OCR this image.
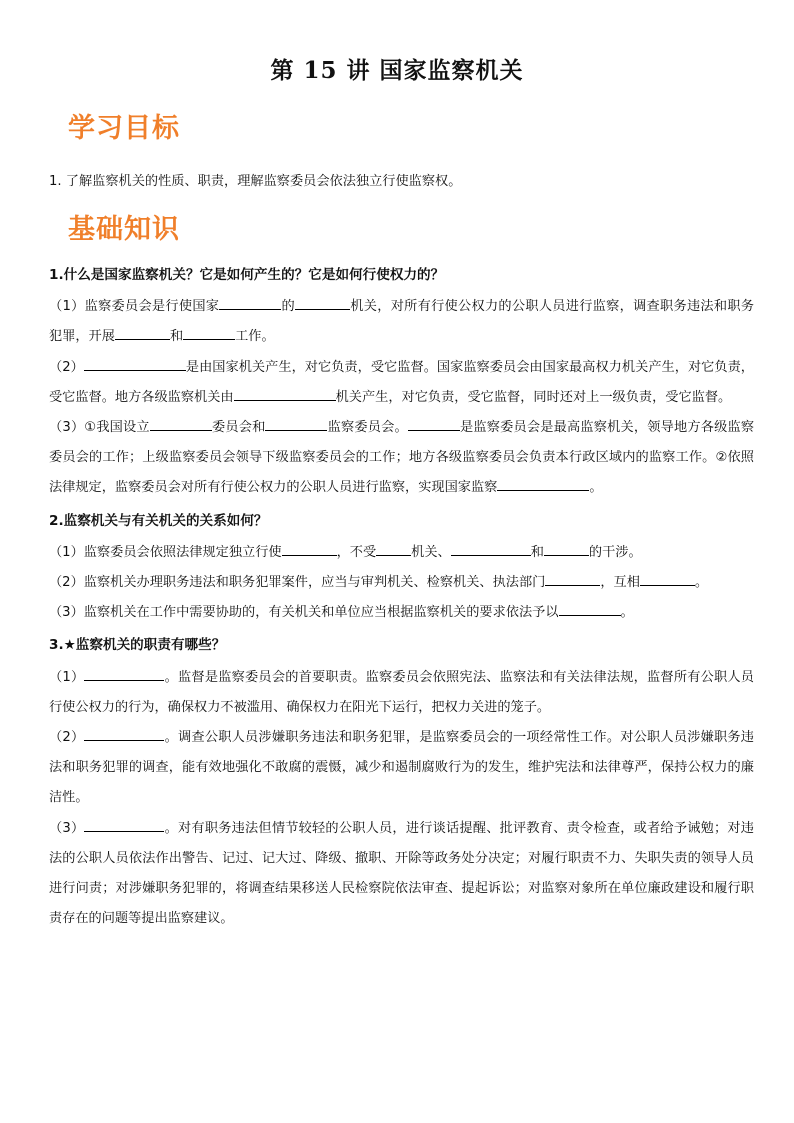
第 15 讲 国家监察机关
学习目标
1. 了解监察机关的性质、职责，理解监察委员会依法独立行使监察权。
基础知识

1.什么是国家监察机关？它是如何产生的？它是如何行使权力的？

（1）监察委员会是行使国家	的	机关，对所有行使公权力的公职人员进行监察，调查职务违法和职务犯罪，开展	和	工作。

（2）	是由国家机关产生，对它负责，受它监督。国家监察委员会由国家最高权力机关产生，对它负责，受它监督。地方各级监察机关由	机关产生，对它负责，受它监督，同时还对上一级负责，受它监督。

（3）①我国设立	委员会和	监察委员会。	是监察委员会是最高监察机关，领导地方各级监察委员会的工作；上级监察委员会领导下级监察委员会的工作；地方各级监察委员会负责本行政区域内的监察工作。②依照法律规定，监察委员会对所有行使公权力的公职人员进行监察，实现国家监察	。

2.监察机关与有关机关的关系如何？

（1）监察委员会依照法律规定独立行使	，不受	机关、	和	的干涉。

（2）监察机关办理职务违法和职务犯罪案件，应当与审判机关、检察机关、执法部门	，互相	。

（3）监察机关在工作中需要协助的，有关机关和单位应当根据监察机关的要求依法予以	。

3.★监察机关的职责有哪些？

（1）	。监督是监察委员会的首要职责。监察委员会依照宪法、监察法和有关法律法规，监督所有公职人员行使公权力的行为，确保权力不被滥用、确保权力在阳光下运行，把权力关进的笼子。

（2）	。调查公职人员涉嫌职务违法和职务犯罪，是监察委员会的一项经常性工作。对公职人员涉嫌职务违法和职务犯罪的调查，能有效地强化不敢腐的震慑，减少和遏制腐败行为的发生，维护宪法和法律尊严，保持公权力的廉洁性。

（3）	。对有职务违法但情节较轻的公职人员，进行谈话提醒、批评教育、责令检查，或者给予诫勉；对违法的公职人员依法作出警告、记过、记大过、降级、撤职、开除等政务处分决定；对履行职责不力、失职失责的领导人员进行问责；对涉嫌职务犯罪的，将调查结果移送人民检察院依法审查、提起诉讼；对监察对象所在单位廉政建设和履行职责存在的问题等提出监察建议。
